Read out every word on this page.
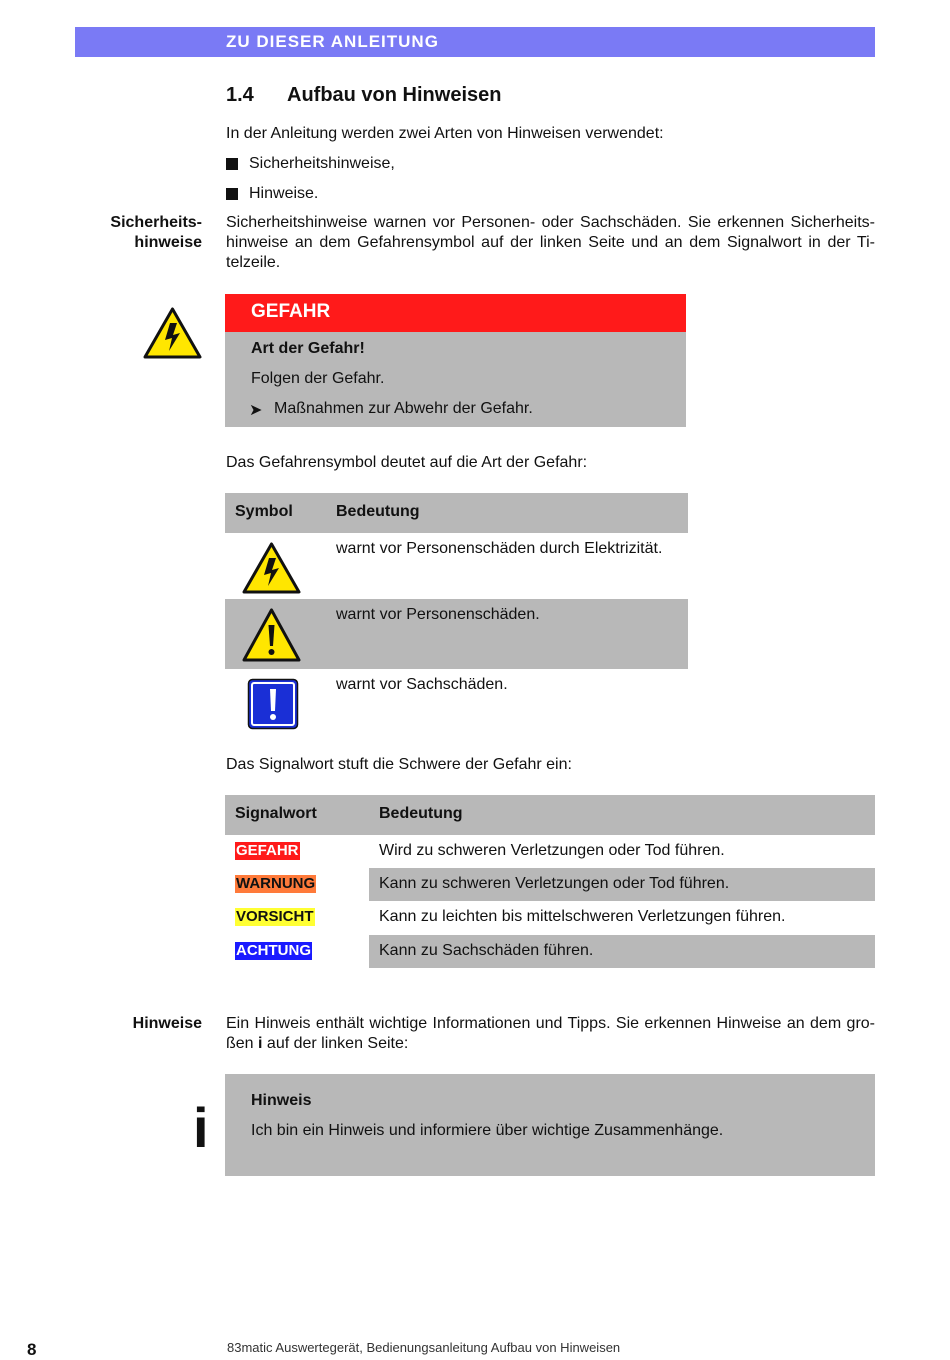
ZU DIESER ANLEITUNG
1.4 Aufbau von Hinweisen
In der Anleitung werden zwei Arten von Hinweisen verwendet:
Sicherheitshinweise,
Hinweise.
Sicherheits-
hinweise
Sicherheitshinweise warnen vor Personen- oder Sachschäden. Sie erkennen Sicherheits-
hinweise an dem Gefahrensymbol auf der linken Seite und an dem Signalwort in der Ti-
telzeile.
GEFAHR
Art der Gefahr!
Folgen der Gefahr.
➤ Maßnahmen zur Abwehr der Gefahr.
Das Gefahrensymbol deutet auf die Art der Gefahr:
Symbol	Bedeutung
warnt vor Personenschäden durch Elektrizität.
warnt vor Personenschäden.
warnt vor Sachschäden.
Das Signalwort stuft die Schwere der Gefahr ein:
Signalwort	Bedeutung
GEFAHR	Wird zu schweren Verletzungen oder Tod führen.
WARNUNG	Kann zu schweren Verletzungen oder Tod führen.
VORSICHT	Kann zu leichten bis mittelschweren Verletzungen führen.
ACHTUNG	Kann zu Sachschäden führen.
Hinweise Ein Hinweis enthält wichtige Informationen und Tipps. Sie erkennen Hinweise an dem gro-
ßen i auf der linken Seite:
i	Hinweis
Ich bin ein Hinweis und informiere über wichtige Zusammenhänge.
8	83matic Auswertegerät, Bedienungsanleitung Aufbau von Hinweisen
